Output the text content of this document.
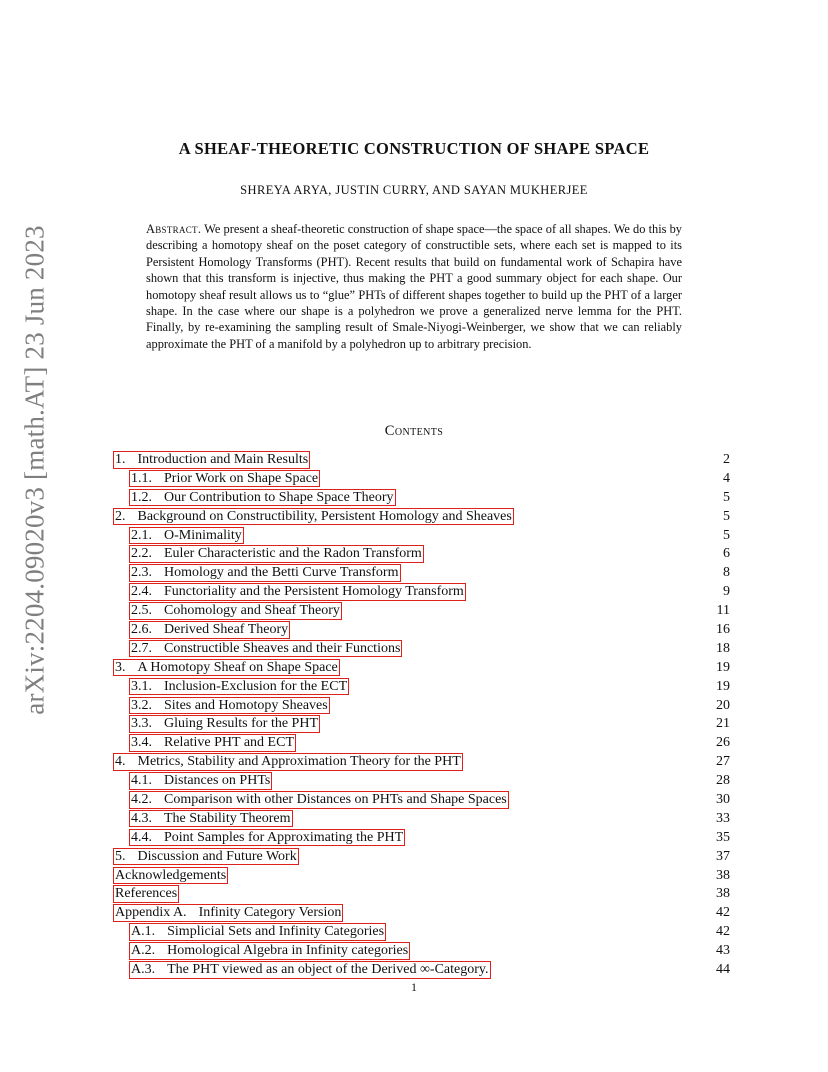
arXiv:2204.09020v3 [math.AT] 23 Jun 2023
A SHEAF-THEORETIC CONSTRUCTION OF SHAPE SPACE
SHREYA ARYA, JUSTIN CURRY, AND SAYAN MUKHERJEE

Abstract. We present a sheaf-theoretic construction of shape space—the space of all shapes. We do this by describing a homotopy sheaf on the poset category of constructible sets, where each set is mapped to its Persistent Homology Transforms (PHT). Recent results that build on fundamental work of Schapira have shown that this transform is injective, thus making the PHT a good summary object for each shape. Our homotopy sheaf result allows us to “glue” PHTs of different shapes together to build up the PHT of a larger shape. In the case where our shape is a polyhedron we prove a generalized nerve lemma for the PHT. Finally, by re-examining the sampling result of Smale-Niyogi-Weinberger, we show that we can reliably approximate the PHT of a manifold by a polyhedron up to arbitrary precision.

Contents
1. Introduction and Main Results	2
1.1. Prior Work on Shape Space	4
1.2. Our Contribution to Shape Space Theory	5
2. Background on Constructibility, Persistent Homology and Sheaves	5
2.1. O-Minimality	5
2.2. Euler Characteristic and the Radon Transform	6
2.3. Homology and the Betti Curve Transform	8
2.4. Functoriality and the Persistent Homology Transform	9
2.5. Cohomology and Sheaf Theory	11
2.6. Derived Sheaf Theory	16
2.7. Constructible Sheaves and their Functions	18
3. A Homotopy Sheaf on Shape Space	19
3.1. Inclusion-Exclusion for the ECT	19
3.2. Sites and Homotopy Sheaves	20
3.3. Gluing Results for the PHT	21
3.4. Relative PHT and ECT	26
4. Metrics, Stability and Approximation Theory for the PHT	27
4.1. Distances on PHTs	28
4.2. Comparison with other Distances on PHTs and Shape Spaces	30
4.3. The Stability Theorem	33
4.4. Point Samples for Approximating the PHT	35
5. Discussion and Future Work	37
Acknowledgements	38
References	38
Appendix A. Infinity Category Version	42
A.1. Simplicial Sets and Infinity Categories	42
A.2. Homological Algebra in Infinity categories	43
A.3. The PHT viewed as an object of the Derived ∞-Category.	44
1
